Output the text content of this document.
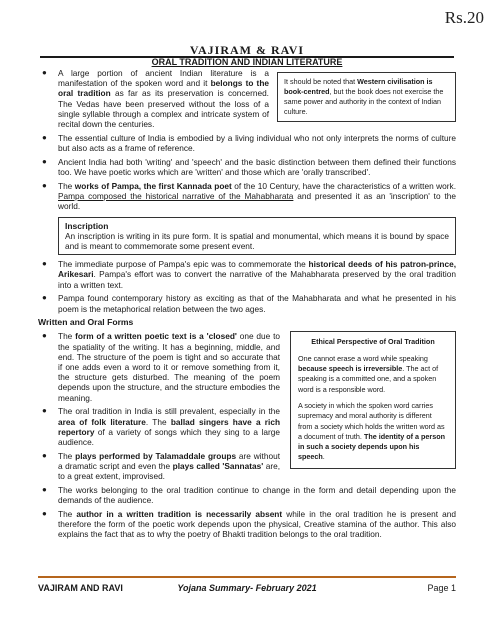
Rs.20
VAJIRAM & RAVI
ORAL TRADITION AND INDIAN LITERATURE
It should be noted that Western civilisation is book-centred, but the book does not exercise the same power and authority in the context of Indian culture.
● A large portion of ancient Indian literature is a manifestation of the spoken word and it belongs to the oral tradition as far as its preservation is concerned. The Vedas have been preserved without the loss of a single syllable through a complex and intricate system of recital down the centuries.
● The essential culture of India is embodied by a living individual who not only interprets the norms of culture but also acts as a frame of reference.
● Ancient India had both 'writing' and 'speech' and the basic distinction between them defined their functions too. We have poetic works which are 'written' and those which are 'orally transcribed'.
● The works of Pampa, the first Kannada poet of the 10 Century, have the characteristics of a written work. Pampa composed the historical narrative of the Mahabharata and presented it as an 'inscription' to the world.
Inscription
An inscription is writing in its pure form. It is spatial and monumental, which means it is bound by space and is meant to commemorate some present event.
● The immediate purpose of Pampa's epic was to commemorate the historical deeds of his patron-prince, Arikesari. Pampa's effort was to convert the narrative of the Mahabharata preserved by the oral tradition into a written text.
● Pampa found contemporary history as exciting as that of the Mahabharata and what he presented in his poem is the metaphorical relation between the two ages.
Written and Oral Forms
Ethical Perspective of Oral Tradition

One cannot erase a word while speaking because speech is irreversible. The act of speaking is a committed one, and a spoken word is a responsible word.

A society in which the spoken word carries supremacy and moral authority is different from a society which holds the written word as a document of truth. The identity of a person in such a society depends upon his speech.

● The form of a written poetic text is a 'closed' one due to the spatiality of the writing. It has a beginning, middle, and end. The structure of the poem is tight and so accurate that if one adds even a word to it or remove something from it, the structure gets disturbed. The meaning of the poem depends upon the structure, and the structure embodies the meaning.
● The oral tradition in India is still prevalent, especially in the area of folk literature. The ballad singers have a rich repertory of a variety of songs which they sing to a large audience.
● The plays performed by Talamaddale groups are without a dramatic script and even the plays called 'Sannatas' are, to a great extent, improvised.
● The works belonging to the oral tradition continue to change in the form and detail depending upon the demands of the audience.
● The author in a written tradition is necessarily absent while in the oral tradition he is present and therefore the form of the poetic work depends upon the physical, Creative stamina of the author. This also explains the fact that as to why the poetry of Bhakti tradition belongs to the oral tradition.
VAJIRAM AND RAVI	Yojana Summary- February 2021	Page 1
